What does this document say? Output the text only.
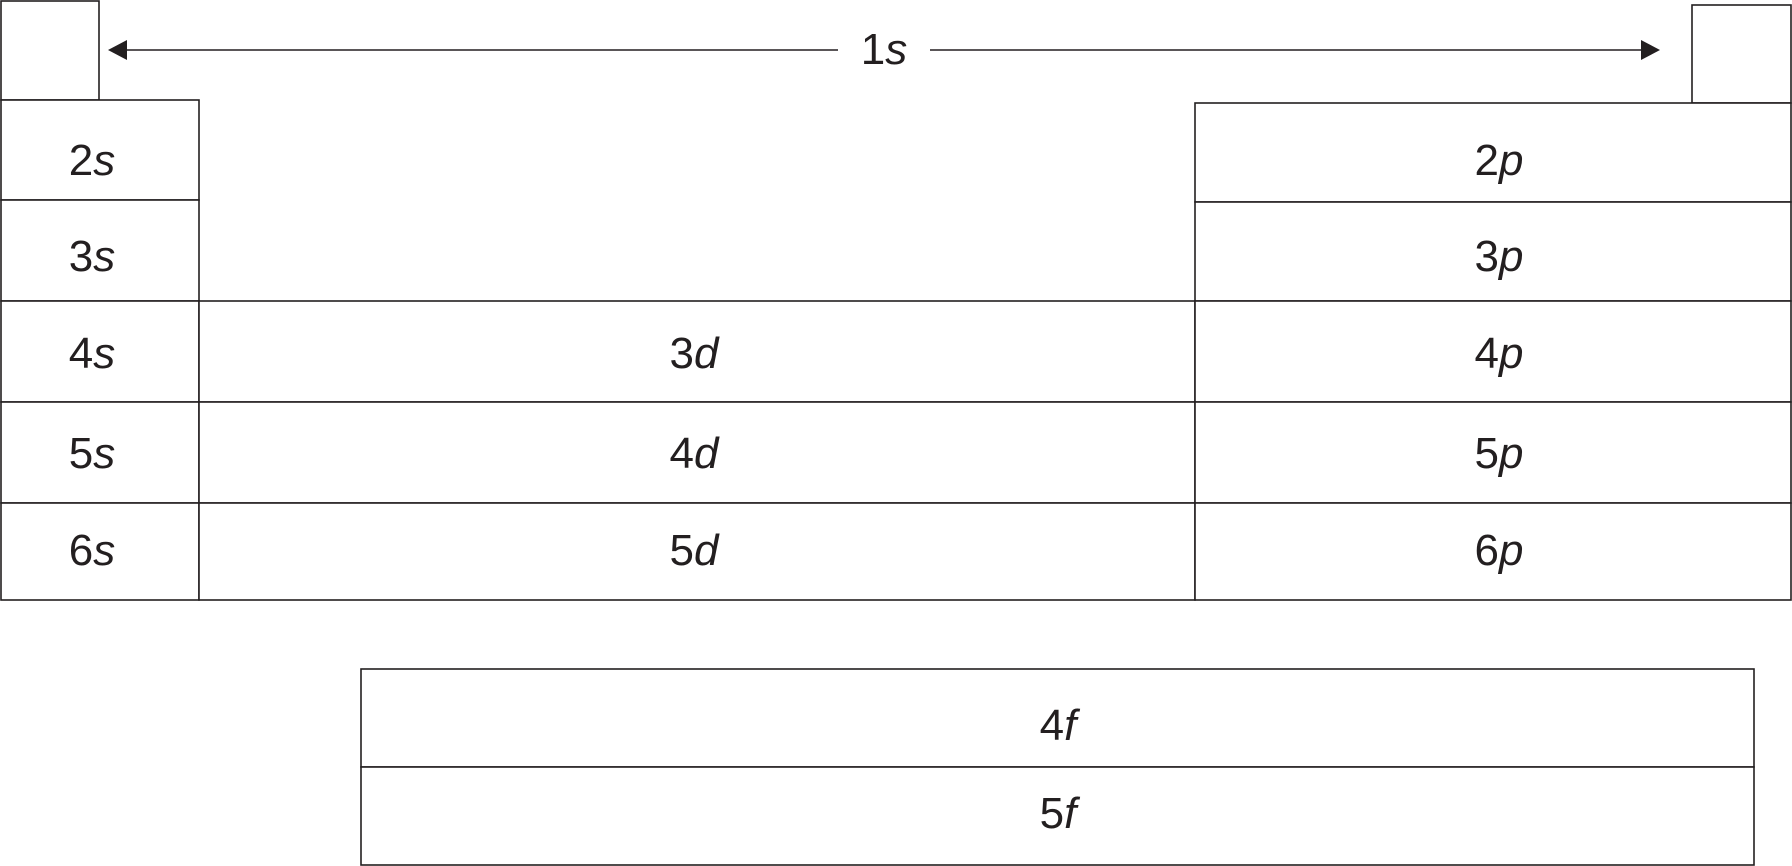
1s
2s
3s
4s
5s
6s
3d
4d
5d
2p
3p
4p
5p
6p
4f
5f
